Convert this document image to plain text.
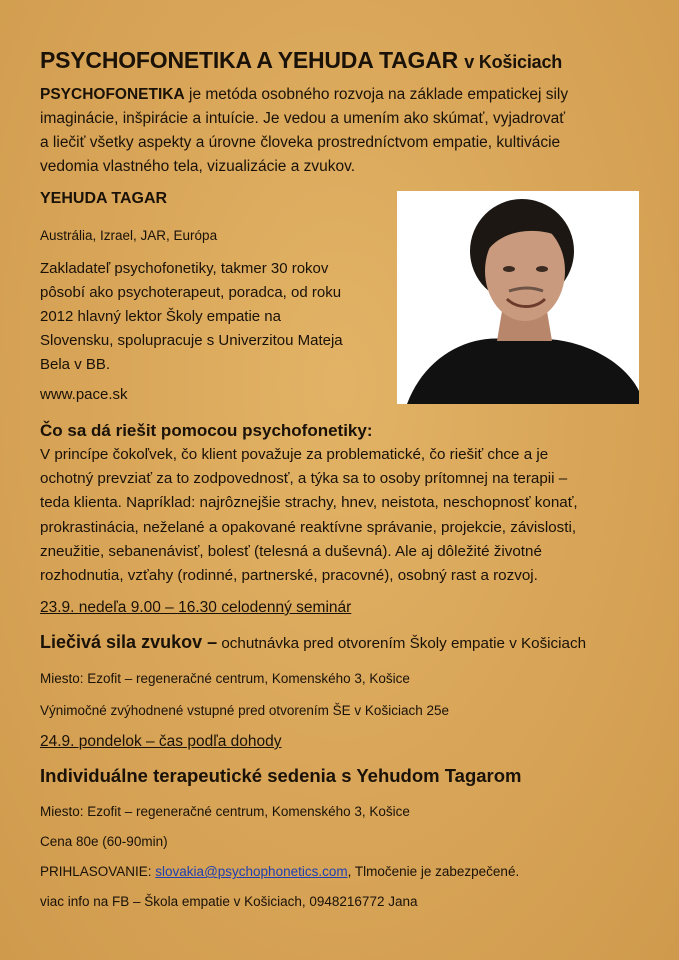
PSYCHOFONETIKA A YEHUDA TAGAR v Košiciach
PSYCHOFONETIKA je metóda osobného rozvoja na základe empatickej sily
imaginácie, inšpirácie a intuície. Je vedou a umením ako skúmať, vyjadrovať
a liečiť všetky aspekty a úrovne človeka prostredníctvom empatie, kultivácie
vedomia vlastného tela, vizualizácie a zvukov.
YEHUDA TAGAR
Austrália, Izrael, JAR, Európa
Zakladateľ psychofonetiky, takmer 30 rokov
pôsobí ako psychoterapeut, poradca, od roku
2012 hlavný lektor Školy empatie na
Slovensku, spolupracuje s Univerzitou Mateja
Bela v BB.
www.pace.sk
Čo sa dá riešit pomocou psychofonetiky:
V princípe čokoľvek, čo klient považuje za problematické, čo riešiť chce a je
ochotný prevziať za to zodpovednosť, a týka sa to osoby prítomnej na terapii –
teda klienta. Napríklad: najrôznejšie strachy, hnev, neistota, neschopnosť konať,
prokrastinácia, neželané a opakované reaktívne správanie, projekcie, závislosti,
zneužitie, sebanenávisť, bolesť (telesná a duševná). Ale aj dôležité životné
rozhodnutia, vzťahy (rodinné, partnerské, pracovné), osobný rast a rozvoj.
23.9. nedeľa 9.00 – 16.30 celodenný seminár
Liečivá sila zvukov – ochutnávka pred otvorením Školy empatie v Košiciach
Miesto: Ezofit – regeneračné centrum, Komenského 3, Košice
Výnimočné zvýhodnené vstupné pred otvorením ŠE v Košiciach 25e
24.9. pondelok – čas podľa dohody
Individuálne terapeutické sedenia s Yehudom Tagarom
Miesto: Ezofit – regeneračné centrum, Komenského 3, Košice
Cena 80e (60-90min)
PRIHLASOVANIE: slovakia@psychophonetics.com, Tlmočenie je zabezpečené.
viac info na FB – Škola empatie v Košiciach, 0948216772 Jana
